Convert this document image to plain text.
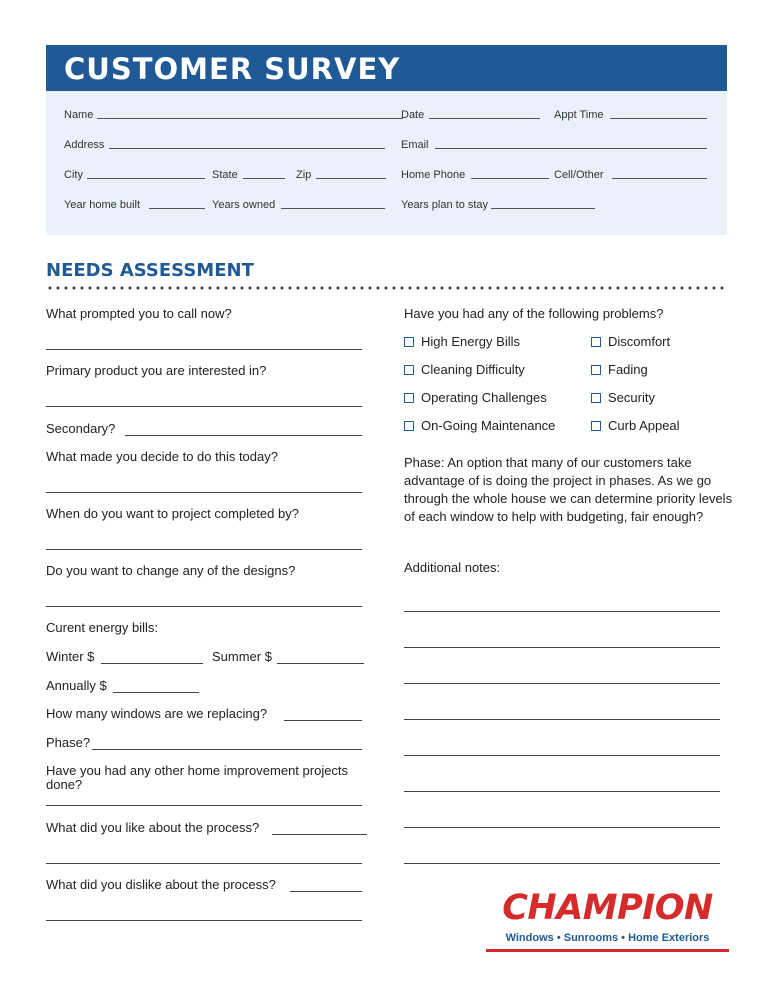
CUSTOMER SURVEY
Name	Date	Appt Time
Address	Email
City	State	Zip	Home Phone	Cell/Other
Year home built	Years owned	Years plan to stay
NEEDS ASSESSMENT
What prompted you to call now?
Primary product you are interested in?
Secondary?
What made you decide to do this today?
When do you want to project completed by?
Do you want to change any of the designs?
Curent energy bills:
Winter $	Summer $
Annually $
How many windows are we replacing?
Phase?
Have you had any other home improvement projects done?
What did you like about the process?
What did you dislike about the process?
Have you had any of the following problems?
High Energy Bills	Discomfort
Cleaning Difficulty	Fading
Operating Challenges	Security
On-Going Maintenance	Curb Appeal
Phase: An option that many of our customers take advantage of is doing the project in phases. As we go through the whole house we can determine priority levels of each window to help with budgeting, fair enough?
Additional notes:
CHAMPION
Windows • Sunrooms • Home Exteriors
